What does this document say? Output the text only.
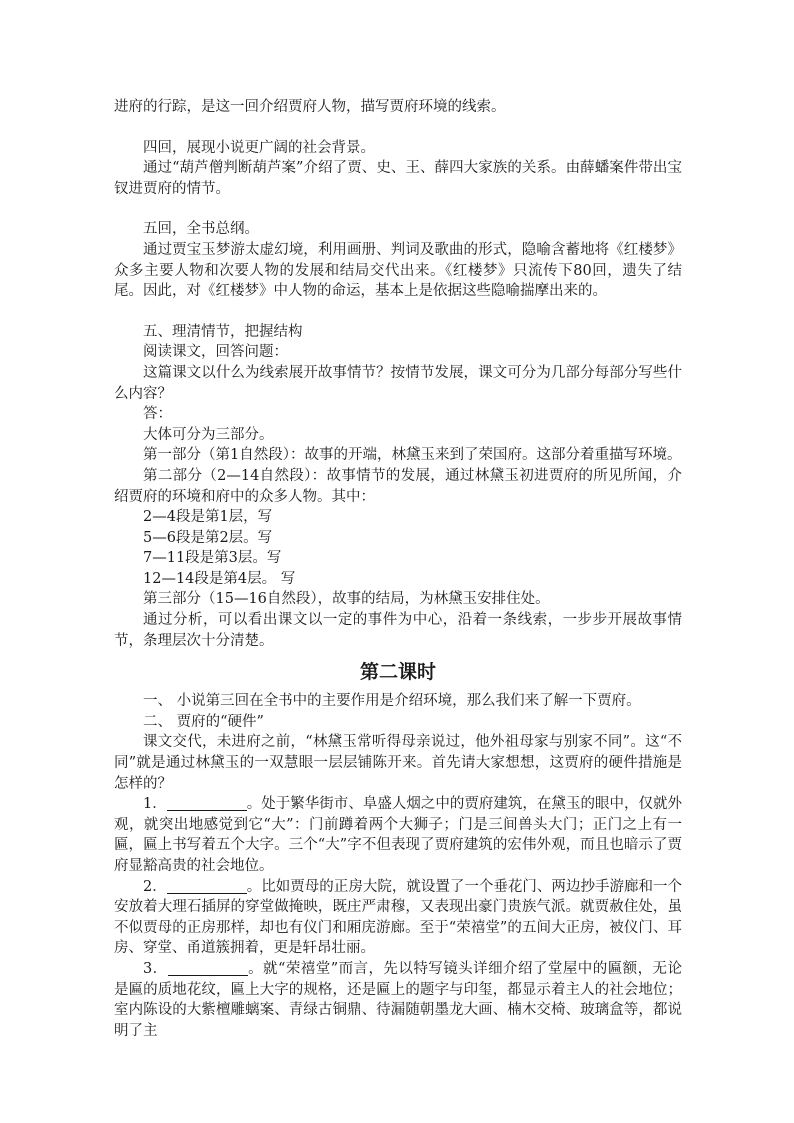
进府的行踪，是这一回介绍贾府人物，描写贾府环境的线索。

四回，展现小说更广阔的社会背景。

通过“葫芦僧判断葫芦案”介绍了贾、史、王、薛四大家族的关系。由薛蟠案件带出宝钗进贾府的情节。

五回，全书总纲。

通过贾宝玉梦游太虚幻境，利用画册、判词及歌曲的形式，隐喻含蓄地将《红楼梦》众多主要人物和次要人物的发展和结局交代出来。《红楼梦》只流传下80回，遗失了结尾。因此，对《红楼梦》中人物的命运，基本上是依据这些隐喻揣摩出来的。

五、理清情节，把握结构

阅读课文，回答问题：

这篇课文以什么为线索展开故事情节？按情节发展，课文可分为几部分每部分写些什么内容？

答：

大体可分为三部分。

第一部分（第1自然段）：故事的开端，林黛玉来到了荣国府。这部分着重描写环境。

第二部分（2—14自然段）：故事情节的发展，通过林黛玉初进贾府的所见所闻，介绍贾府的环境和府中的众多人物。其中：

2—4段是第1层，写

5—6段是第2层。写

7—11段是第3层。写

12—14段是第4层。 写

第三部分（15—16自然段），故事的结局，为林黛玉安排住处。

通过分析，可以看出课文以一定的事件为中心，沿着一条线索，一步步开展故事情节，条理层次十分清楚。

第二课时

一、 小说第三回在全书中的主要作用是介绍环境，那么我们来了解一下贾府。

二、 贾府的“硬件”

课文交代，未进府之前，“林黛玉常听得母亲说过，他外祖母家与别家不同”。这“不同”就是通过林黛玉的一双慧眼一层层铺陈开来。首先请大家想想，这贾府的硬件措施是怎样的？

1．	。处于繁华街市、阜盛人烟之中的贾府建筑，在黛玉的眼中，仅就外观，就突出地感觉到它“大”：门前蹲着两个大狮子；门是三间兽头大门；正门之上有一匾，匾上书写着五个大字。三个“大”字不但表现了贾府建筑的宏伟外观，而且也暗示了贾府显豁高贵的社会地位。

2．	。比如贾母的正房大院，就设置了一个垂花门、两边抄手游廊和一个安放着大理石插屏的穿堂做掩映，既庄严肃穆，又表现出豪门贵族气派。就贾赦住处，虽不似贾母的正房那样，却也有仪门和厢庑游廊。至于“荣禧堂”的五间大正房，被仪门、耳房、穿堂、甬道簇拥着，更是轩昂壮丽。

3．	。就“荣禧堂”而言，先以特写镜头详细介绍了堂屋中的匾额，无论是匾的质地花纹，匾上大字的规格，还是匾上的题字与印玺，都显示着主人的社会地位；室内陈设的大紫檀雕螭案、青绿古铜鼎、待漏随朝墨龙大画、楠木交椅、玻璃盒等，都说明了主
